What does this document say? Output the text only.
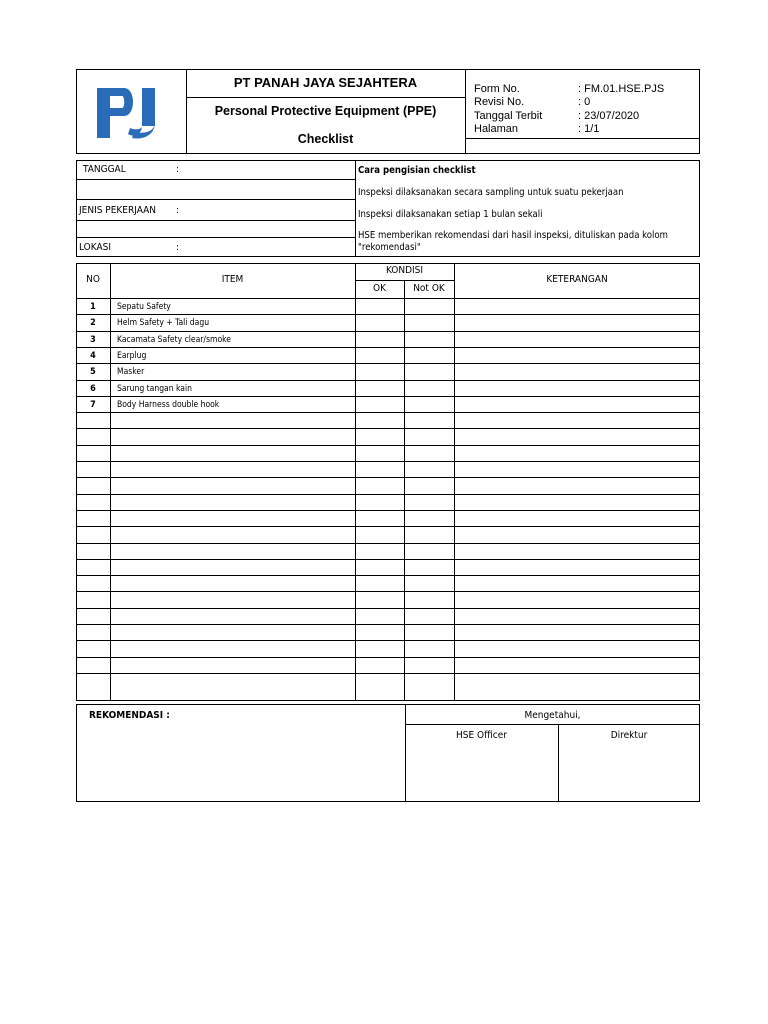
PT PANAH JAYA SEJAHTERA
Personal Protective Equipment (PPE)
Checklist
Form No.	: FM.01.HSE.PJS
Revisi No.	: 0
Tanggal Terbit	: 23/07/2020
Halaman	: 1/1
TANGGAL	:
JENIS PEKERJAAN :
LOKASI	:
Cara pengisian checklist
Inspeksi dilaksanakan secara sampling untuk suatu pekerjaan
Inspeksi dilaksanakan setiap 1 bulan sekali
HSE memberikan rekomendasi dari hasil inspeksi, dituliskan pada kolom
"rekomendasi"
NO	ITEM
KONDISI
OK	Not OK
KETERANGAN
1	Sepatu Safety
2	Helm Safety + Tali dagu
3	Kacamata Safety clear/smoke
4	Earplug
5	Masker
6	Sarung tangan kain
7	Body Harness double hook
REKOMENDASI :	Mengetahui,
HSE Officer	Direktur
